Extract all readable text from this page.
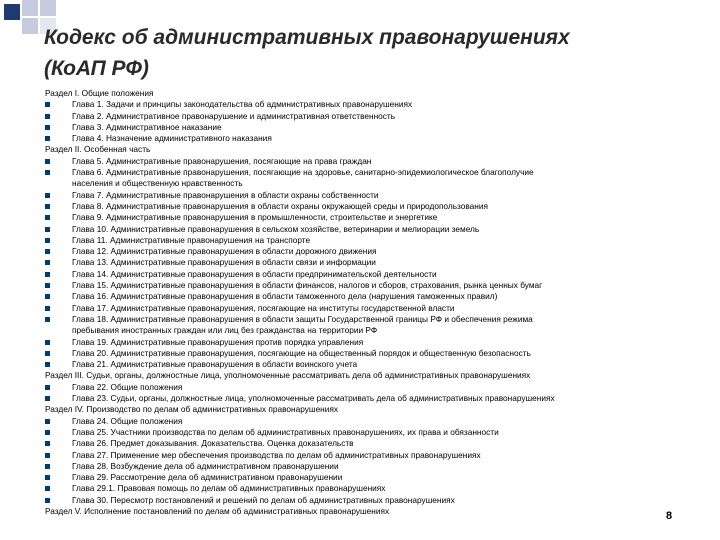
Кодекс об административных правонарушениях
(КоАП РФ)
Раздел I. Общие положения
Глава 1. Задачи и принципы законодательства об административных правонарушениях
Глава 2. Административное правонарушение и административная ответственность
Глава 3. Административное наказание
Глава 4. Назначение административного наказания
Раздел II. Особенная часть
Глава 5. Административные правонарушения, посягающие на права граждан
Глава 6. Административные правонарушения, посягающие на здоровье, санитарно-эпидемиологическое благополучие
населения и общественную нравственность
Глава 7. Административные правонарушения в области охраны собственности
Глава 8. Административные правонарушения в области охраны окружающей среды и природопользования
Глава 9. Административные правонарушения в промышленности, строительстве и энергетике
Глава 10. Административные правонарушения в сельском хозяйстве, ветеринарии и мелиорации земель
Глава 11. Административные правонарушения на транспорте
Глава 12. Административные правонарушения в области дорожного движения
Глава 13. Административные правонарушения в области связи и информации
Глава 14. Административные правонарушения в области предпринимательской деятельности
Глава 15. Административные правонарушения в области финансов, налогов и сборов, страхования, рынка ценных бумаг
Глава 16. Административные правонарушения в области таможенного дела (нарушения таможенных правил)
Глава 17. Административные правонарушения, посягающие на институты государственной власти
Глава 18. Административные правонарушения в области защиты Государственной границы РФ и обеспечения режима
пребывания иностранных граждан или лиц без гражданства на территории РФ
Глава 19. Административные правонарушения против порядка управления
Глава 20. Административные правонарушения, посягающие на общественный порядок и общественную безопасность
Глава 21. Административные правонарушения в области воинского учета
Раздел III. Судьи, органы, должностные лица, уполномоченные рассматривать дела об административных правонарушениях
Глава 22. Общие положения
Глава 23. Судьи, органы, должностные лица, уполномоченные рассматривать дела об административных правонарушениях
Раздел IV. Производство по делам об административных правонарушениях
Глава 24. Общие положения
Глава 25. Участники производства по делам об административных правонарушениях, их права и обязанности
Глава 26. Предмет доказывания. Доказательства. Оценка доказательств
Глава 27. Применение мер обеспечения производства по делам об административных правонарушениях
Глава 28. Возбуждение дела об административном правонарушении
Глава 29. Рассмотрение дела об административном правонарушении
Глава 29.1. Правовая помощь по делам об административных правонарушениях
Глава 30. Пересмотр постановлений и решений по делам об административных правонарушениях
Раздел V. Исполнение постановлений по делам об административных правонарушениях	8
